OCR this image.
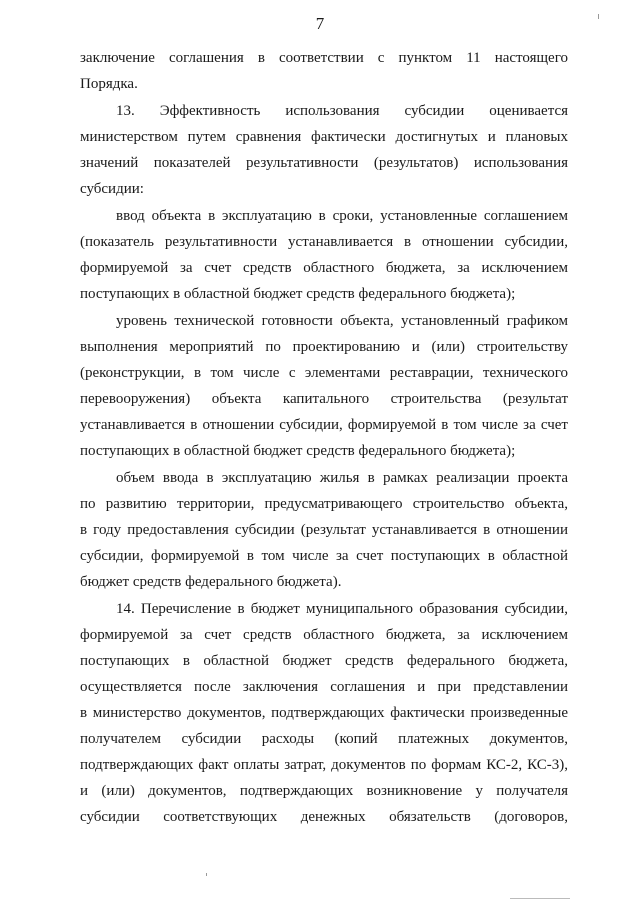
7
заключение соглашения в соответствии с пунктом 11 настоящего
Порядка.
13. Эффективность использования субсидии оценивается
министерством путем сравнения фактически достигнутых и плановых
значений показателей результативности (результатов) использования
субсидии:
ввод объекта в эксплуатацию в сроки, установленные соглашением
(показатель результативности устанавливается в отношении субсидии,
формируемой за счет средств областного бюджета, за исключением
поступающих в областной бюджет средств федерального бюджета);
уровень технической готовности объекта, установленный графиком
выполнения мероприятий по проектированию и (или) строительству
(реконструкции, в том числе с элементами реставрации, технического
перевооружения) объекта капитального строительства (результат
устанавливается в отношении субсидии, формируемой в том числе за счет
поступающих в областной бюджет средств федерального бюджета);
объем ввода в эксплуатацию жилья в рамках реализации проекта
по развитию территории, предусматривающего строительство объекта,
в году предоставления субсидии (результат устанавливается в отношении
субсидии, формируемой в том числе за счет поступающих в областной
бюджет средств федерального бюджета).
14. Перечисление в бюджет муниципального образования субсидии,
формируемой за счет средств областного бюджета, за исключением
поступающих в областной бюджет средств федерального бюджета,
осуществляется после заключения соглашения и при представлении
в министерство документов, подтверждающих фактически произведенные
получателем субсидии расходы (копий платежных документов,
подтверждающих факт оплаты затрат, документов по формам КС-2, КС-3),
и (или) документов, подтверждающих возникновение у получателя
субсидии соответствующих денежных обязательств (договоров,
